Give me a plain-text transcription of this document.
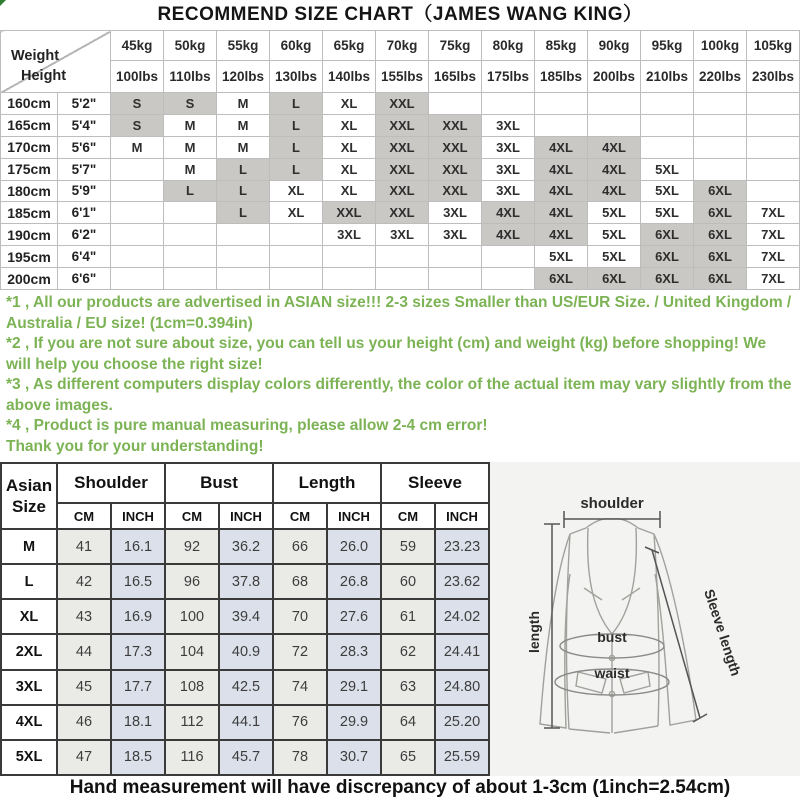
RECOMMEND SIZE CHART（JAMES WANG KING）
Weight
Height		45kg	50kg	55kg	60kg	65kg	70kg	75kg	80kg	85kg	90kg	95kg	100kg	105kg
		100lbs	110lbs	120lbs	130lbs	140lbs	155lbs	165lbs	175lbs	185lbs	200lbs	210lbs	220lbs	230lbs
160cm	5'2"	S	S	M	L	XL	XXL							
165cm	5'4"	S	M	M	L	XL	XXL	XXL	3XL					
170cm	5'6"	M	M	M	L	XL	XXL	XXL	3XL	4XL	4XL			
175cm	5'7"		M	L	L	XL	XXL	XXL	3XL	4XL	4XL	5XL		
180cm	5'9"		L	L	XL	XL	XXL	XXL	3XL	4XL	4XL	5XL	6XL	
185cm	6'1"			L	XL	XXL	XXL	3XL	4XL	4XL	5XL	5XL	6XL	7XL
190cm	6'2"					3XL	3XL	3XL	4XL	4XL	5XL	6XL	6XL	7XL
195cm	6'4"									5XL	5XL	6XL	6XL	7XL
200cm	6'6"									6XL	6XL	6XL	6XL	7XL

*1 , All our products are advertised in ASIAN size!!! 2-3 sizes Smaller than US/EUR Size. / United Kingdom / Australia / EU size! (1cm=0.394in)

*2 , If you are not sure about size, you can tell us your height (cm) and weight (kg) before shopping! We will help you choose the right size!

*3 , As different computers display colors differently, the color of the actual item may vary slightly from the above images.

*4 , Product is pure manual measuring, please allow 2-4 cm error!

Thank you for your understanding!

Asian
Size	Shoulder		Bust		Length		Sleeve	
	CM	INCH	CM	INCH	CM	INCH	CM	INCH
M	41	16.1	92	36.2	66	26.0	59	23.23
L	42	16.5	96	37.8	68	26.8	60	23.62
XL	43	16.9	100	39.4	70	27.6	61	24.02
2XL	44	17.3	104	40.9	72	28.3	62	24.41
3XL	45	17.7	108	42.5	74	29.1	63	24.80
4XL	46	18.1	112	44.1	76	29.9	64	25.20
5XL	47	18.5	116	45.7	78	30.7	65	25.59
shoulder
length	Sleeve length
bust
waist
Hand measurement will have discrepancy of about 1-3cm (1inch=2.54cm)
